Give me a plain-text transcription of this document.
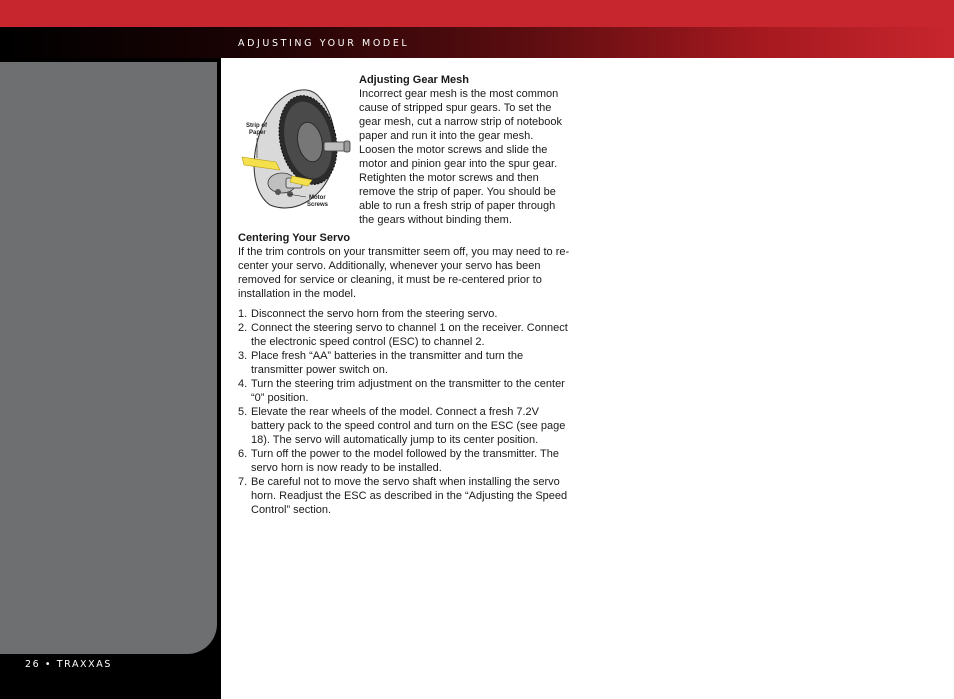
ADJUSTING YOUR MODEL
26 • TRAXXAS
Strip of
Paper
Motor
Screws
Adjusting Gear Mesh

Incorrect gear mesh is the most common cause of stripped spur gears. To set the gear mesh, cut a narrow strip of notebook paper and run it into the gear mesh. Loosen the motor screws and slide the motor and pinion gear into the spur gear. Retighten the motor screws and then remove the strip of paper. You should be able to run a fresh strip of paper through the gears without binding them.

Centering Your Servo

If the trim controls on your transmitter seem off, you may need to re-center your servo. Additionally, whenever your servo has been removed for service or cleaning, it must be re-centered prior to installation in the model.

1. Disconnect the servo horn from the steering servo.
2. Connect the steering servo to channel 1 on the receiver. Connect the electronic speed control (ESC) to channel 2.
3. Place fresh “AA” batteries in the transmitter and turn the transmitter power switch on.
4. Turn the steering trim adjustment on the transmitter to the center “0” position.
5. Elevate the rear wheels of the model. Connect a fresh 7.2V battery pack to the speed control and turn on the ESC (see page 18). The servo will automatically jump to its center position.
6. Turn off the power to the model followed by the transmitter. The servo horn is now ready to be installed.
7. Be careful not to move the servo shaft when installing the servo horn. Readjust the ESC as described in the “Adjusting the Speed Control” section.
